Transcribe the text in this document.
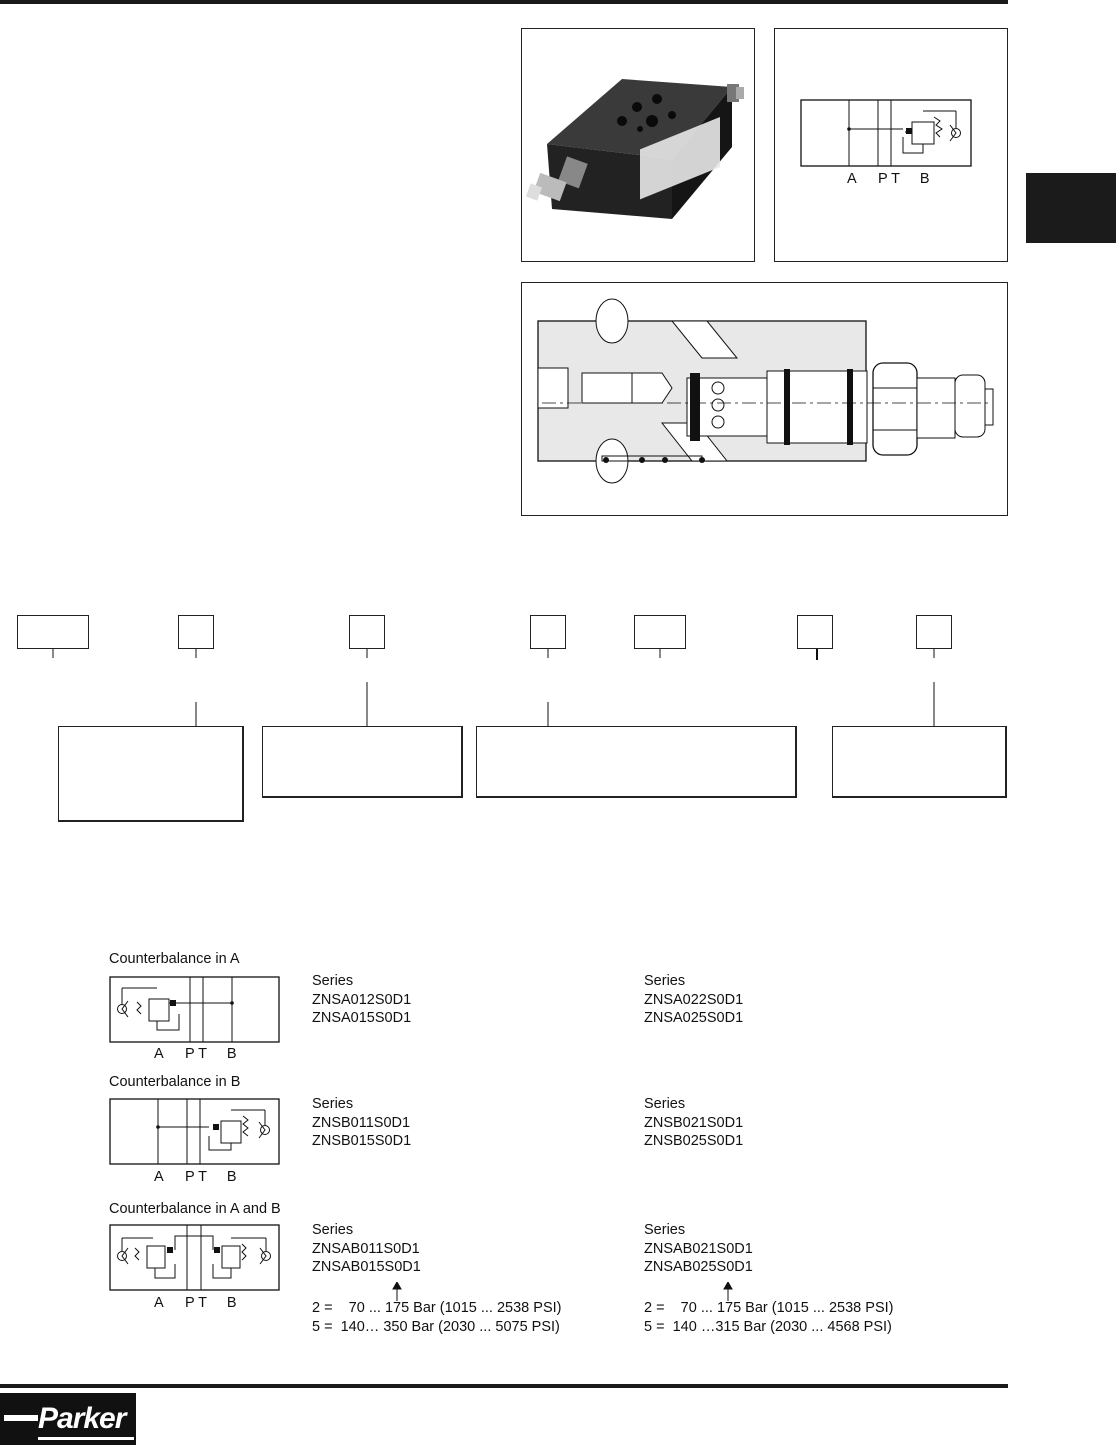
A P T B
Counterbalance in A
A P T B
Series
ZNSA012S0D1
ZNSA015S0D1
Series
ZNSA022S0D1
ZNSA025S0D1
Counterbalance in B
A P T B
Series
ZNSB011S0D1
ZNSB015S0D1
Series
ZNSB021S0D1
ZNSB025S0D1
Counterbalance in A and B
A P T B
Series
ZNSAB011S0D1
ZNSAB015S0D1
Series
ZNSAB021S0D1
ZNSAB025S0D1
2 =    70 ... 175 Bar (1015 ... 2538 PSI)
5 =  140… 350 Bar (2030 ... 5075 PSI)
2 =    70 ... 175 Bar (1015 ... 2538 PSI)
5 =  140 …315 Bar (2030 ... 4568 PSI)
Parker
